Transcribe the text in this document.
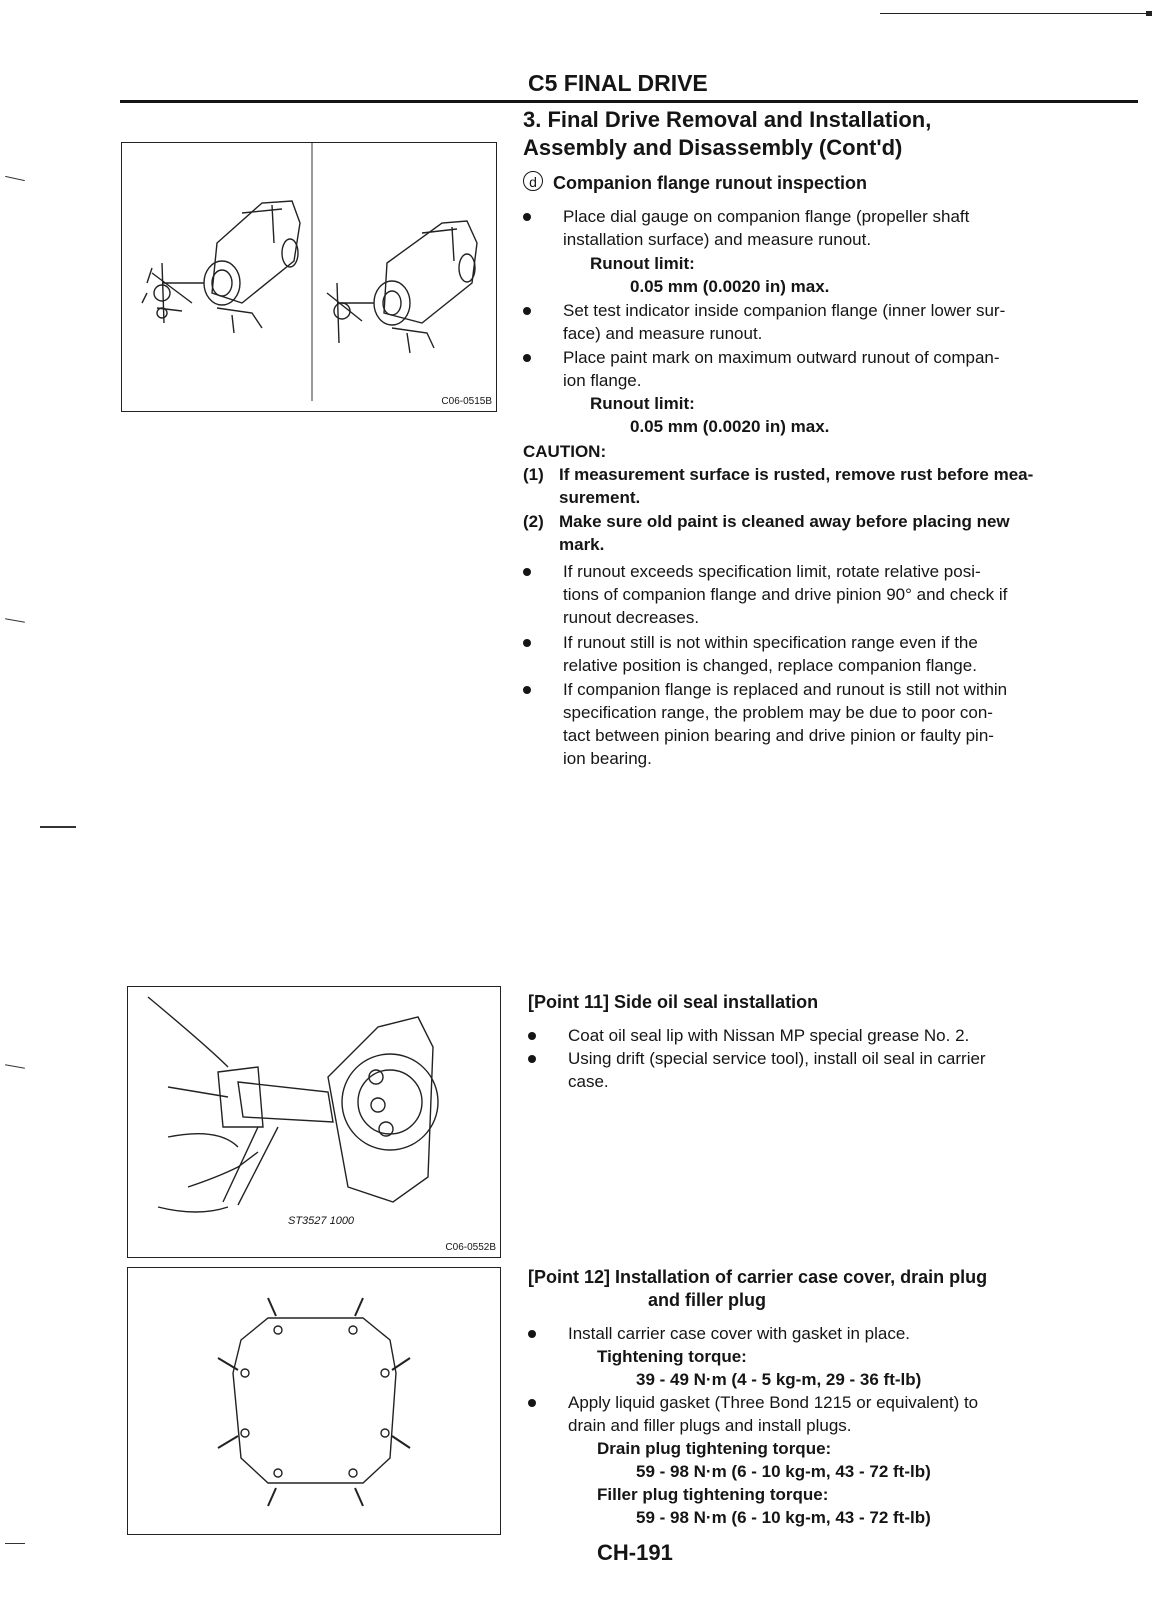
C5 FINAL DRIVE
3. Final Drive Removal and Installation,
Assembly and Disassembly (Cont'd)
C06-0515B
d Companion flange runout inspection
Place dial gauge on companion flange (propeller shaft
installation surface) and measure runout.
Runout limit:
0.05 mm (0.0020 in) max.
Set test indicator inside companion flange (inner lower sur-
face) and measure runout.
Place paint mark on maximum outward runout of compan-
ion flange.
Runout limit:
0.05 mm (0.0020 in) max.
CAUTION:
(1) If measurement surface is rusted, remove rust before mea-
surement.
(2) Make sure old paint is cleaned away before placing new
mark.
If runout exceeds specification limit, rotate relative posi-
tions of companion flange and drive pinion 90° and check if
runout decreases.
If runout still is not within specification range even if the
relative position is changed, replace companion flange.
If companion flange is replaced and runout is still not within
specification range, the problem may be due to poor con-
tact between pinion bearing and drive pinion or faulty pin-
ion bearing.
ST3527 1000
C06-0552B
[Point 11] Side oil seal installation
Coat oil seal lip with Nissan MP special grease No. 2.
Using drift (special service tool), install oil seal in carrier
case.
[Point 12] Installation of carrier case cover, drain plug
and filler plug
Install carrier case cover with gasket in place.
Tightening torque:
39 - 49 N·m (4 - 5 kg-m, 29 - 36 ft-lb)
Apply liquid gasket (Three Bond 1215 or equivalent) to
drain and filler plugs and install plugs.
Drain plug tightening torque:
59 - 98 N·m (6 - 10 kg-m, 43 - 72 ft-lb)
Filler plug tightening torque:
59 - 98 N·m (6 - 10 kg-m, 43 - 72 ft-lb)
CH-191
